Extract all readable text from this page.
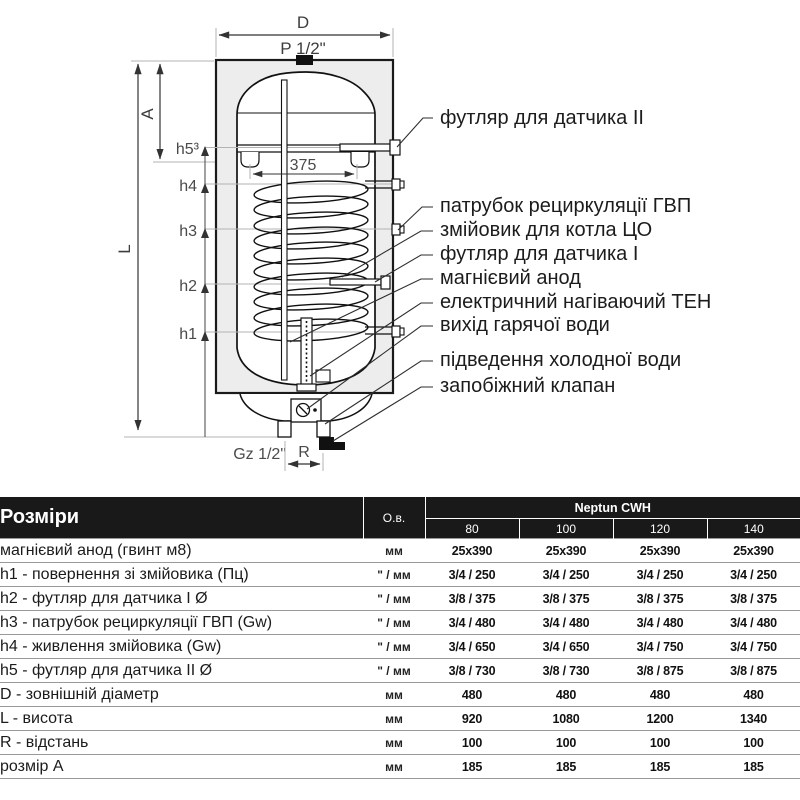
D
P 1/2"
L
A
h5³
h4
h3
h2
h1
375
Gz 1/2" R
футляр для датчика II
патрубок рециркуляції ГВП
змійовик для котла ЦО
футляр для датчика I
магнієвий анод
електричний нагіваючий ТЕН
вихід гарячої води
підведення холодної води
запобіжний клапан
Розміри	О.в.	Neptun CWH			
		80	100	120	140
магнієвий анод (гвинт м8)	мм	25x390	25x390	25x390	25x390
h1 - повернення зі змійовика (Пц)	" / мм	3/4 / 250	3/4 / 250	3/4 / 250	3/4 / 250
h2 - футляр для датчика I Ø	" / мм	3/8 / 375	3/8 / 375	3/8 / 375	3/8 / 375
h3 - патрубок рециркуляції ГВП (Gw)	" / мм	3/4 / 480	3/4 / 480	3/4 / 480	3/4 / 480
h4 - живлення змійовика (Gw)	" / мм	3/4 / 650	3/4 / 650	3/4 / 750	3/4 / 750
h5 - футляр для датчика II Ø	" / мм	3/8 / 730	3/8 / 730	3/8 / 875	3/8 / 875
D - зовнішній діаметр	мм	480	480	480	480
L - висота	мм	920	1080	1200	1340
R - відстань	мм	100	100	100	100
розмір A	мм	185	185	185	185
